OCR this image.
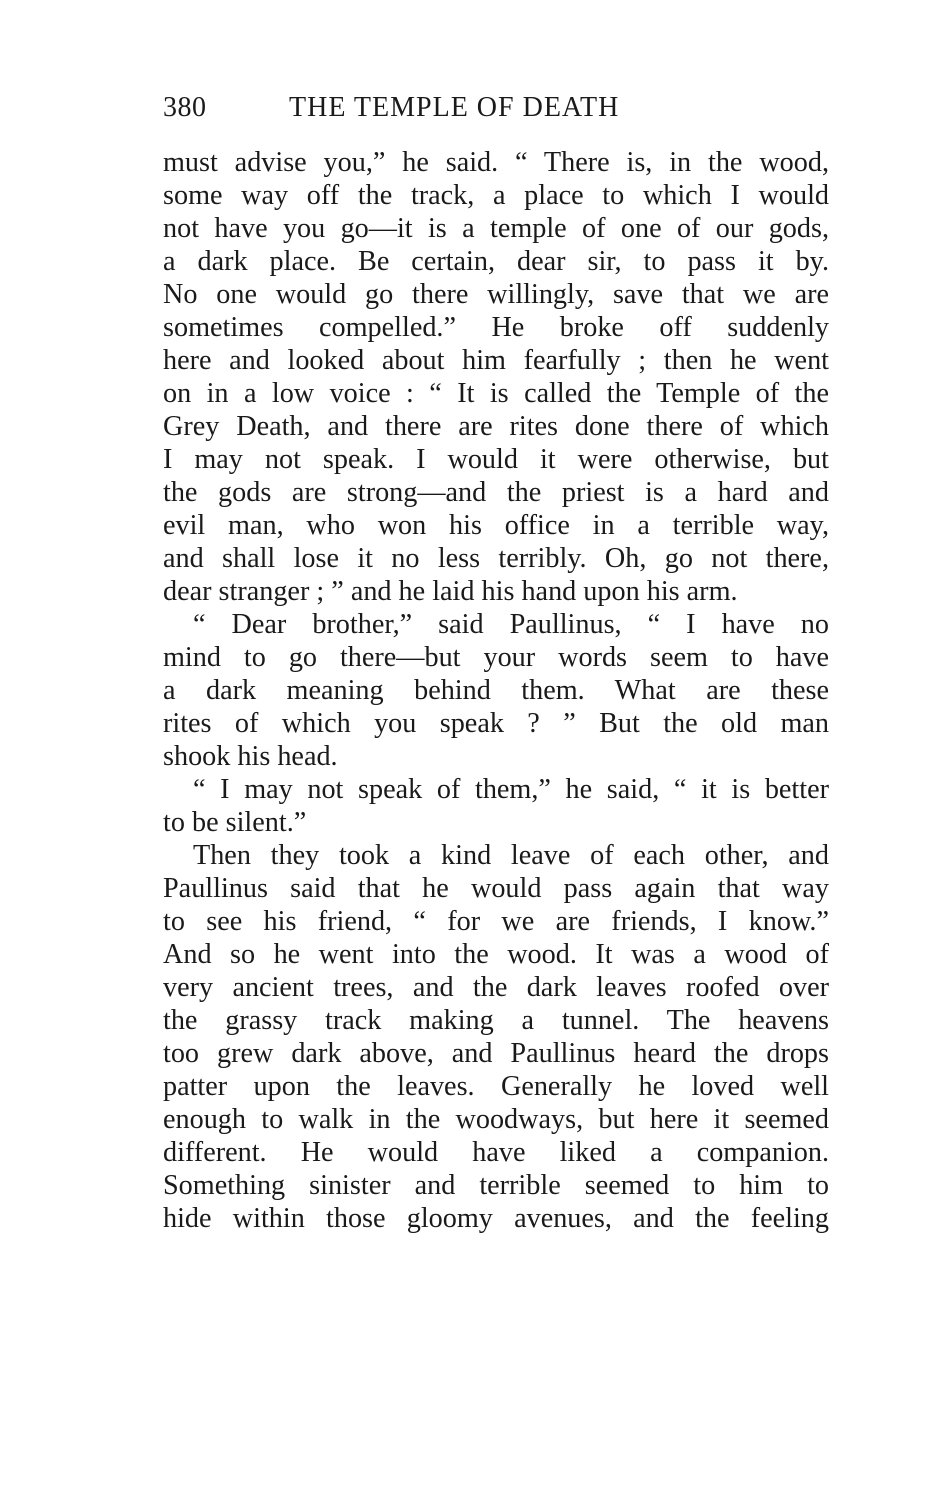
380	THE TEMPLE OF DEATH
must advise you,” he said. “ There is, in the wood,
some way off the track, a place to which I would
not have you go—it is a temple of one of our gods,
a dark place. Be certain, dear sir, to pass it by.
No one would go there willingly, save that we are
sometimes compelled.” He broke off suddenly
here and looked about him fearfully ; then he went
on in a low voice : “ It is called the Temple of the
Grey Death, and there are rites done there of which
I may not speak. I would it were otherwise, but
the gods are strong—and the priest is a hard and
evil man, who won his office in a terrible way,
and shall lose it no less terribly. Oh, go not there,
dear stranger ; ” and he laid his hand upon his arm.
“ Dear brother,” said Paullinus, “ I have no
mind to go there—but your words seem to have
a dark meaning behind them. What are these
rites of which you speak ? ” But the old man
shook his head.
“ I may not speak of them,” he said, “ it is better
to be silent.”
Then they took a kind leave of each other, and
Paullinus said that he would pass again that way
to see his friend, “ for we are friends, I know.”
And so he went into the wood. It was a wood of
very ancient trees, and the dark leaves roofed over
the grassy track making a tunnel. The heavens
too grew dark above, and Paullinus heard the drops
patter upon the leaves. Generally he loved well
enough to walk in the woodways, but here it seemed
different. He would have liked a companion.
Something sinister and terrible seemed to him to
hide within those gloomy avenues, and the feeling
